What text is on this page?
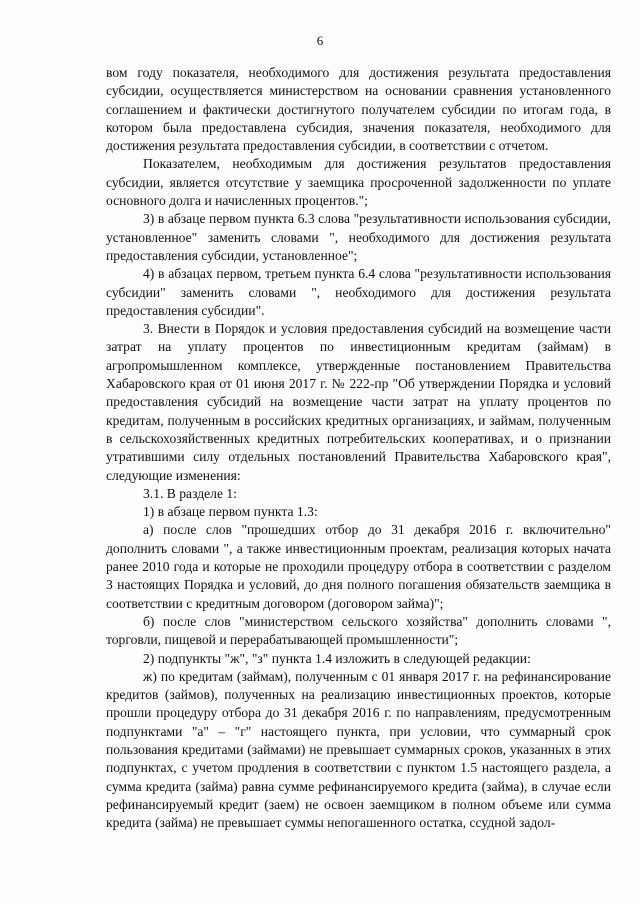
6

вом году показателя, необходимого для достижения результата предоставления субсидии, осуществляется министерством на основании сравнения установленного соглашением и фактически достигнутого получателем субсидии по итогам года, в котором была предоставлена субсидия, значения показателя, необходимого для достижения результата предоставления субсидии, в соответствии с отчетом.

Показателем, необходимым для достижения результатов предоставления субсидии, является отсутствие у заемщика просроченной задолженности по уплате основного долга и начисленных процентов.";

3) в абзаце первом пункта 6.3 слова "результативности использования субсидии, установленное" заменить словами ", необходимого для достижения результата предоставления субсидии, установленное";

4) в абзацах первом, третьем пункта 6.4 слова "результативности использования субсидии" заменить словами ", необходимого для достижения результата предоставления субсидии".

3. Внести в Порядок и условия предоставления субсидий на возмещение части затрат на уплату процентов по инвестиционным кредитам (займам) в агропромышленном комплексе, утвержденные постановлением Правительства Хабаровского края от 01 июня 2017 г. № 222-пр "Об утверждении Порядка и условий предоставления субсидий на возмещение части затрат на уплату процентов по кредитам, полученным в российских кредитных организациях, и займам, полученным в сельскохозяйственных кредитных потребительских кооперативах, и о признании утратившими силу отдельных постановлений Правительства Хабаровского края", следующие изменения:

3.1. В разделе 1:

1) в абзаце первом пункта 1.3:

а) после слов "прошедших отбор до 31 декабря 2016 г. включительно" дополнить словами ", а также инвестиционным проектам, реализация которых начата ранее 2010 года и которые не проходили процедуру отбора в соответствии с разделом 3 настоящих Порядка и условий, до дня полного погашения обязательств заемщика в соответствии с кредитным договором (договором займа)";

б) после слов "министерством сельского хозяйства" дополнить словами ", торговли, пищевой и перерабатывающей промышленности";

2) подпункты "ж", "з" пункта 1.4 изложить в следующей редакции:

ж) по кредитам (займам), полученным с 01 января 2017 г. на рефинансирование кредитов (займов), полученных на реализацию инвестиционных проектов, которые прошли процедуру отбора до 31 декабря 2016 г. по направлениям, предусмотренным подпунктами "а" – "г" настоящего пункта, при условии, что суммарный срок пользования кредитами (займами) не превышает суммарных сроков, указанных в этих подпунктах, с учетом продления в соответствии с пунктом 1.5 настоящего раздела, а сумма кредита (займа) равна сумме рефинансируемого кредита (займа), в случае если рефинансируемый кредит (заем) не освоен заемщиком в полном объеме или сумма кредита (займа) не превышает суммы непогашенного остатка, ссудной задол-
